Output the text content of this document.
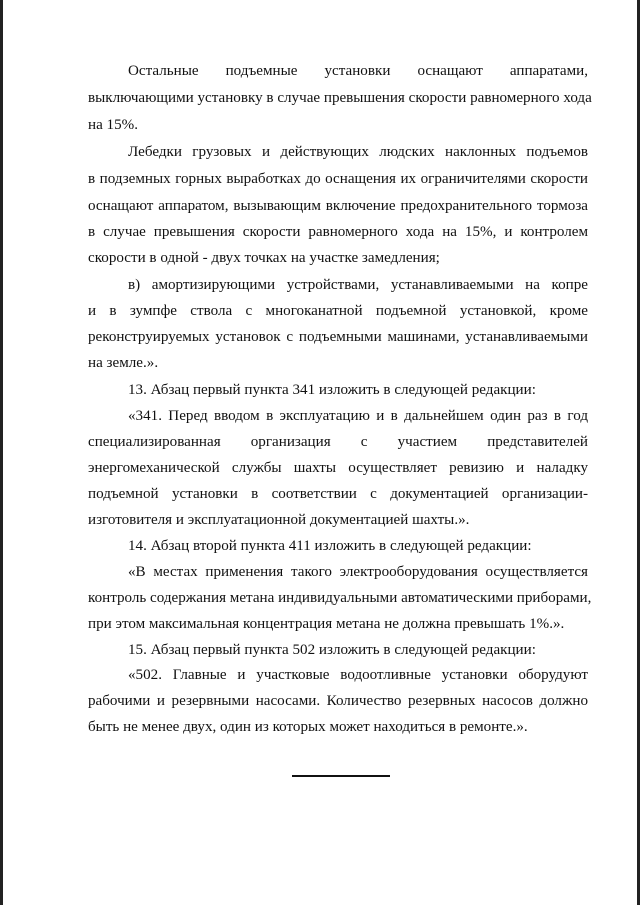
Остальные подъемные установки оснащают аппаратами,
выключающими установку в случае превышения скорости равномерного хода
на 15%.
Лебедки грузовых и действующих людских наклонных подъемов
в подземных горных выработках до оснащения их ограничителями скорости
оснащают аппаратом, вызывающим включение предохранительного тормоза
в случае превышения скорости равномерного хода на 15%, и контролем
скорости в одной - двух точках на участке замедления;
в) амортизирующими устройствами, устанавливаемыми на копре
и в зумпфе ствола с многоканатной подъемной установкой, кроме
реконструируемых установок с подъемными машинами, устанавливаемыми
на земле.».
13. Абзац первый пункта 341 изложить в следующей редакции:
«341. Перед вводом в эксплуатацию и в дальнейшем один раз в год
специализированная организация с участием представителей
энергомеханической службы шахты осуществляет ревизию и наладку
подъемной установки в соответствии с документацией организации-
изготовителя и эксплуатационной документацией шахты.».
14. Абзац второй пункта 411 изложить в следующей редакции:
«В местах применения такого электрооборудования осуществляется
контроль содержания метана индивидуальными автоматическими приборами,
при этом максимальная концентрация метана не должна превышать 1%.».
15. Абзац первый пункта 502 изложить в следующей редакции:
«502. Главные и участковые водоотливные установки оборудуют
рабочими и резервными насосами. Количество резервных насосов должно
быть не менее двух, один из которых может находиться в ремонте.».
